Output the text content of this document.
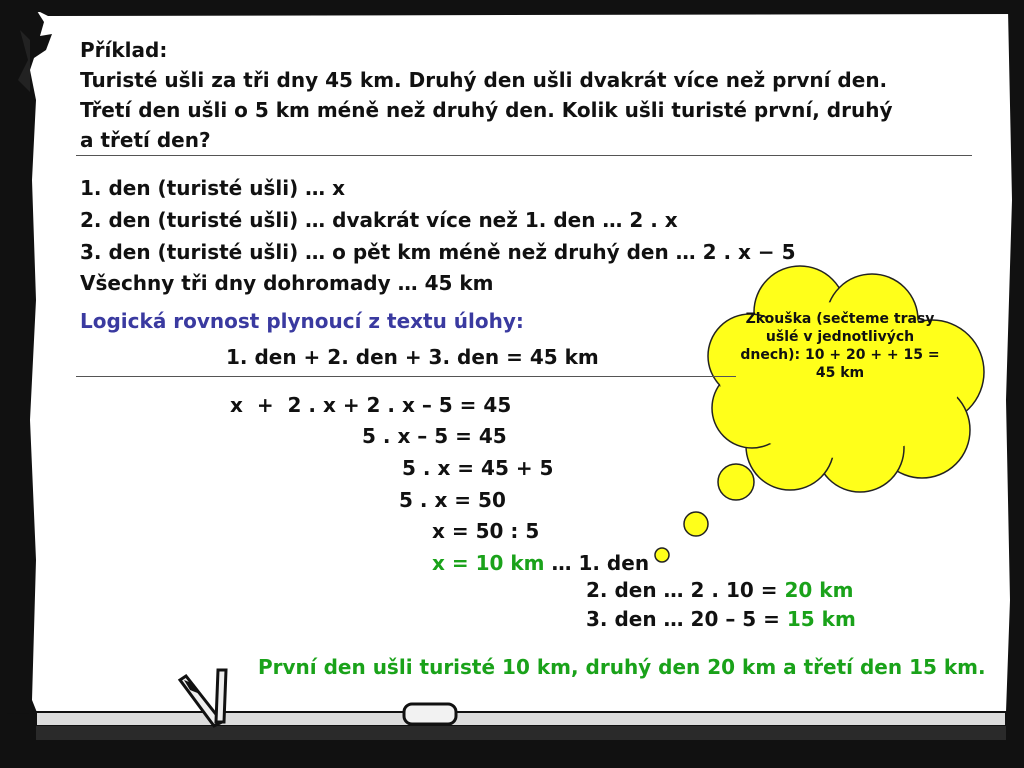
Příklad:
Turisté ušli za tři dny 45 km. Druhý den ušli dvakrát více než první den.
Třetí den ušli o 5 km méně než druhý den. Kolik ušli turisté první, druhý
a třetí den?
1. den (turisté ušli) … x
2. den (turisté ušli) … dvakrát více než 1. den … 2 . x
3. den (turisté ušli) … o pět km méně než druhý den … 2 . x − 5
Všechny tři dny dohromady … 45 km
Logická rovnost plynoucí z textu úlohy:
1. den + 2. den + 3. den = 45 km
x  +  2 . x + 2 . x – 5 = 45
5 . x – 5 = 45
5 . x = 45 + 5
5 . x = 50
x = 50 : 5
x = 10 km … 1. den
2. den … 2 . 10 = 20 km
3. den … 20 – 5 = 15 km
První den ušli turisté 10 km, druhý den 20 km a třetí den 15 km.
Zkouška (sečteme trasy ušlé v jednotlivých dnech): 10 + 20 + + 15 = 45 km
